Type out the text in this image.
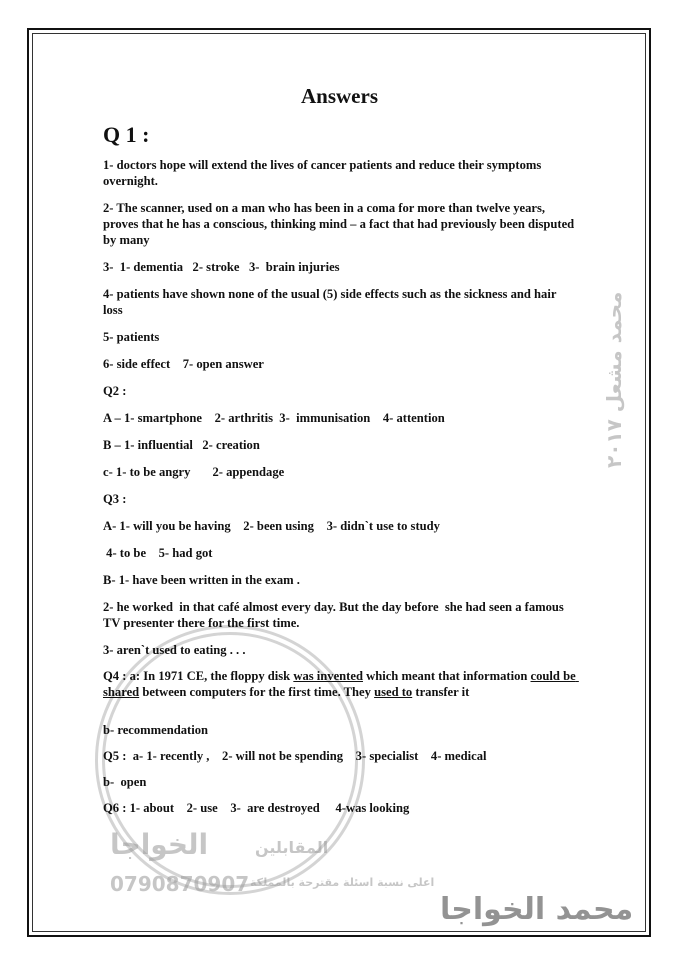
محمد مشعل ٢٠١٧
الخواجا	المقابلين
0790870907 اعلى نسبة اسئلة مقترحة بالمملكة
محمد الخواجا
Answers
Q 1 :
1- doctors hope will extend the lives of cancer patients and reduce their symptoms overnight.
2- The scanner, used on a man who has been in a coma for more than twelve years, proves that he has a conscious, thinking mind – a fact that had previously been disputed by many
3-  1- dementia   2- stroke   3-  brain injuries
4- patients have shown none of the usual (5) side effects such as the sickness and hair loss
5- patients
6- side effect    7- open answer
Q2 :
A – 1- smartphone    2- arthritis  3-  immunisation    4- attention
B – 1- influential   2- creation
c- 1- to be angry       2- appendage
Q3 :
A- 1- will you be having    2- been using    3- didn`t use to study
4- to be    5- had got
B- 1- have been written in the exam .
2- he worked  in that café almost every day. But the day before  she had seen a famous TV presenter there for the first time.
3- aren`t used to eating . . .
Q4 : a: In 1971 CE, the floppy disk was invented which meant that information could be shared between computers for the first time. They used to transfer it
b- recommendation
Q5 :  a- 1- recently ,    2- will not be spending    3- specialist    4- medical
b-  open
Q6 : 1- about    2- use    3-  are destroyed     4-was looking
